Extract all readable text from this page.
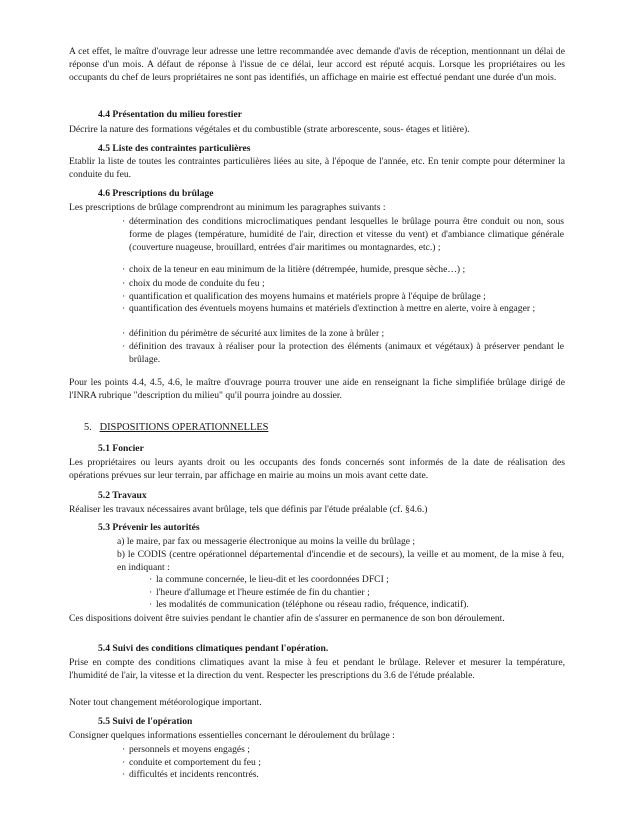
A cet effet, le maître d'ouvrage leur adresse une lettre recommandée avec demande d'avis de réception, mentionnant un délai de réponse d'un mois. A défaut de réponse à l'issue de ce délai, leur accord est réputé acquis. Lorsque les propriétaires ou les occupants du chef de leurs propriétaires ne sont pas identifiés, un affichage en mairie est effectué pendant une durée d'un mois.

4.4 Présentation du milieu forestier

Décrire la nature des formations végétales et du combustible (strate arborescente, sous- étages et litière).

4.5 Liste des contraintes particulières

Etablir la liste de toutes les contraintes particulières liées au site, à l'époque de l'année, etc. En tenir compte pour déterminer la conduite du feu.

4.6 Prescriptions du brûlage

Les prescriptions de brûlage comprendront au minimum les paragraphes suivants :

· détermination des conditions microclimatiques pendant lesquelles le brûlage pourra être conduit ou non, sous forme de plages (température, humidité de l'air, direction et vitesse du vent) et d'ambiance climatique générale (couverture nuageuse, brouillard, entrées d'air maritimes ou montagnardes, etc.) ;

· choix de la teneur en eau minimum de la litière (détrempée, humide, presque sèche…) ;

· choix du mode de conduite du feu ;

· quantification et qualification des moyens humains et matériels propre à l'équipe de brûlage ;

· quantification des éventuels moyens humains et matériels d'extinction à mettre en alerte, voire à engager ;

· définition du périmètre de sécurité aux limites de la zone à brûler ;

· définition des travaux à réaliser pour la protection des éléments (animaux et végétaux) à préserver pendant le brûlage.

Pour les points 4.4, 4.5, 4.6, le maître d'ouvrage pourra trouver une aide en renseignant la fiche simplifiée brûlage dirigé de l'INRA rubrique "description du milieu" qu'il pourra joindre au dossier.

5. DISPOSITIONS OPERATIONNELLES

5.1 Foncier

Les propriétaires ou leurs ayants droit ou les occupants des fonds concernés sont informés de la date de réalisation des opérations prévues sur leur terrain, par affichage en mairie au moins un mois avant cette date.

5.2 Travaux

Réaliser les travaux nécessaires avant brûlage, tels que définis par l'étude préalable (cf. §4.6.)

5.3 Prévenir les autorités

a) le maire, par fax ou messagerie électronique au moins la veille du brûlage ;

b) le CODIS (centre opérationnel départemental d'incendie et de secours), la veille et au moment, de la mise à feu, en indiquant :

· la commune concernée, le lieu-dit et les coordonnées DFCI ;

· l'heure d'allumage et l'heure estimée de fin du chantier ;

· les modalités de communication (téléphone ou réseau radio, fréquence, indicatif).

Ces dispositions doivent être suivies pendant le chantier afin de s'assurer en permanence de son bon déroulement.

5.4 Suivi des conditions climatiques pendant l'opération.

Prise en compte des conditions climatiques avant la mise à feu et pendant le brûlage. Relever et mesurer la température, l'humidité de l'air, la vitesse et la direction du vent. Respecter les prescriptions du 3.6 de l'étude préalable.

Noter tout changement météorologique important.

5.5 Suivi de l'opération

Consigner quelques informations essentielles concernant le déroulement du brûlage :

· personnels et moyens engagés ;

· conduite et comportement du feu ;

· difficultés et incidents rencontrés.
